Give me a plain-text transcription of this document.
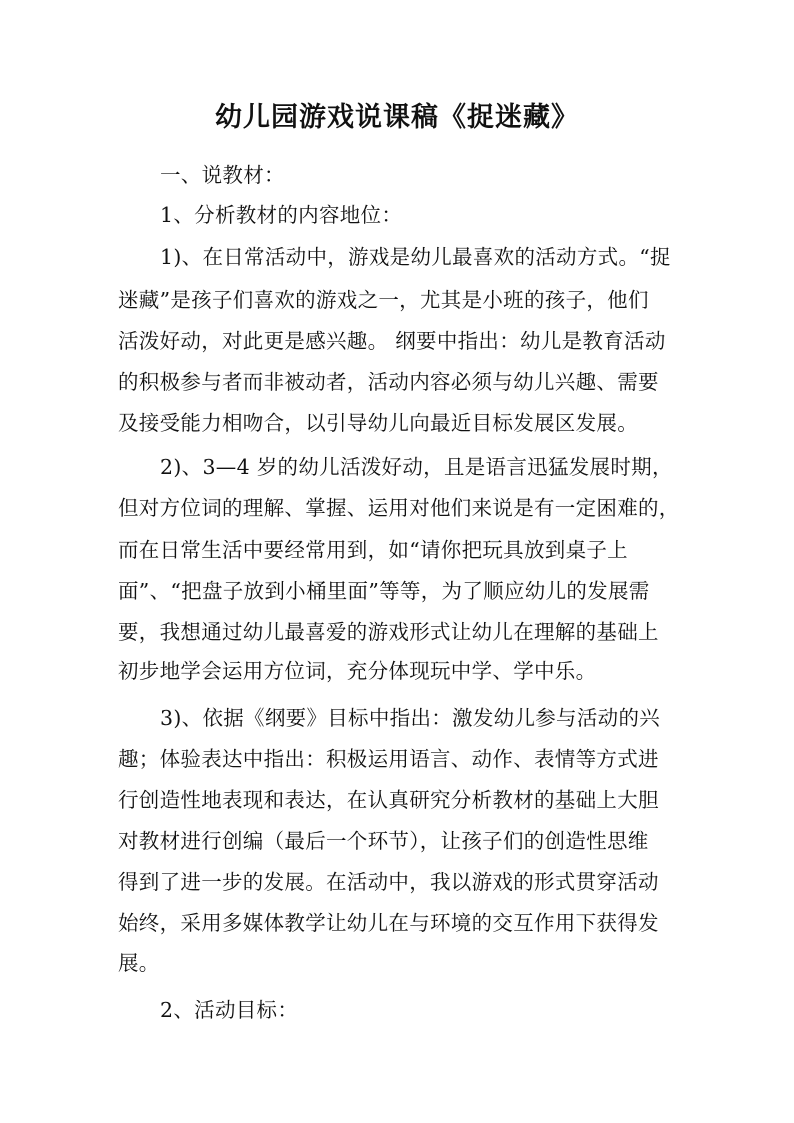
幼儿园游戏说课稿《捉迷藏》
一、说教材：
1、分析教材的内容地位：
1)、在日常活动中，游戏是幼儿最喜欢的活动方式。“捉
迷藏”是孩子们喜欢的游戏之一，尤其是小班的孩子，他们
活泼好动，对此更是感兴趣。 纲要中指出：幼儿是教育活动
的积极参与者而非被动者，活动内容必须与幼儿兴趣、需要
及接受能力相吻合，以引导幼儿向最近目标发展区发展。
2)、3—4 岁的幼儿活泼好动，且是语言迅猛发展时期，
但对方位词的理解、掌握、运用对他们来说是有一定困难的，
而在日常生活中要经常用到，如“请你把玩具放到桌子上
面”、“把盘子放到小桶里面”等等，为了顺应幼儿的发展需
要，我想通过幼儿最喜爱的游戏形式让幼儿在理解的基础上
初步地学会运用方位词，充分体现玩中学、学中乐。
3)、依据《纲要》目标中指出：激发幼儿参与活动的兴
趣；体验表达中指出：积极运用语言、动作、表情等方式进
行创造性地表现和表达，在认真研究分析教材的基础上大胆
对教材进行创编（最后一个环节），让孩子们的创造性思维
得到了进一步的发展。在活动中，我以游戏的形式贯穿活动
始终，采用多媒体教学让幼儿在与环境的交互作用下获得发
展。
2、活动目标：
